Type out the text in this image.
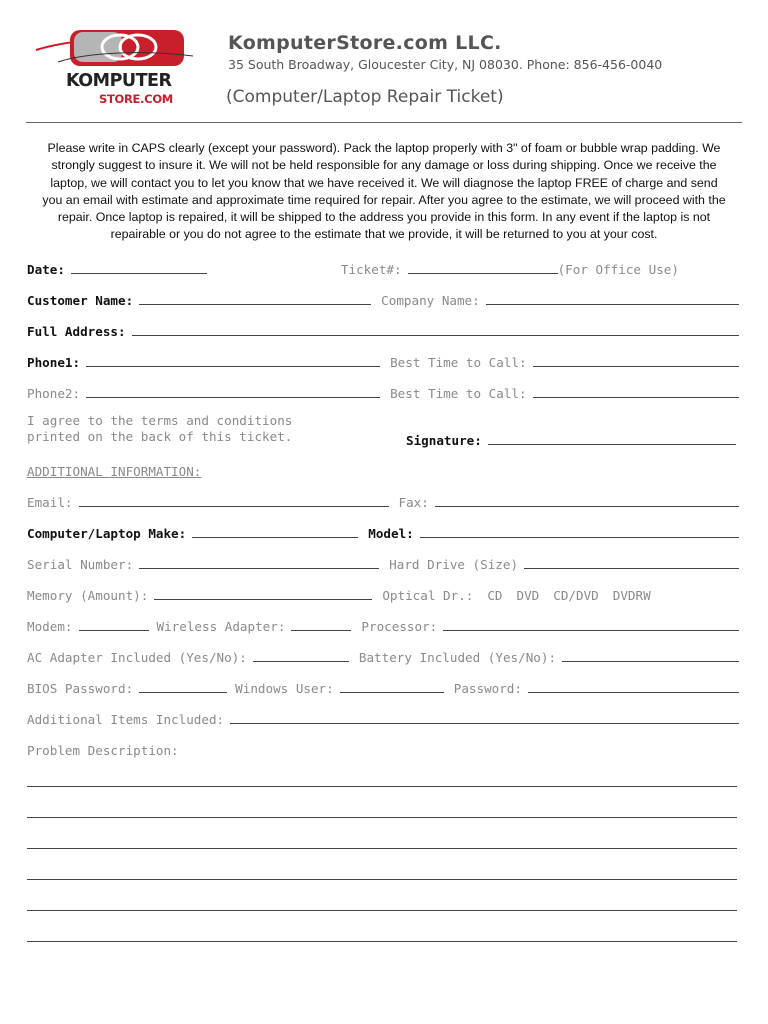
KOMPUTER
STORE.COM
KomputerStore.com LLC.
35 South Broadway, Gloucester City, NJ 08030. Phone: 856-456-0040
(Computer/Laptop Repair Ticket)
Please write in CAPS clearly (except your password). Pack the laptop properly with 3" of foam or bubble wrap padding. We strongly suggest to insure it. We will not be held responsible for any damage or loss during shipping. Once we receive the laptop, we will contact you to let you know that we have received it. We will diagnose the laptop FREE of charge and send you an email with estimate and approximate time required for repair. After you agree to the estimate, we will proceed with the repair. Once laptop is repaired, it will be shipped to the address you provide in this form. In any event if the laptop is not repairable or you do not agree to the estimate that we provide, it will be returned to you at your cost.
Date:	Ticket#:	(For Office Use)
Customer Name:	Company Name:
Full Address:
Phone1:	Best Time to Call:
Phone2:	Best Time to Call:
I agree to the terms and conditions
printed on the back of this ticket.	Signature:
ADDITIONAL INFORMATION:
Email:	Fax:
Computer/Laptop Make:	Model:
Serial Number:	Hard Drive (Size)
Memory (Amount):	Optical Dr.: CD DVD CD/DVD DVDRW
Modem:	Wireless Adapter:	Processor:
AC Adapter Included (Yes/No):	Battery Included (Yes/No):
BIOS Password:	Windows User:	Password:
Additional Items Included:
Problem Description:
